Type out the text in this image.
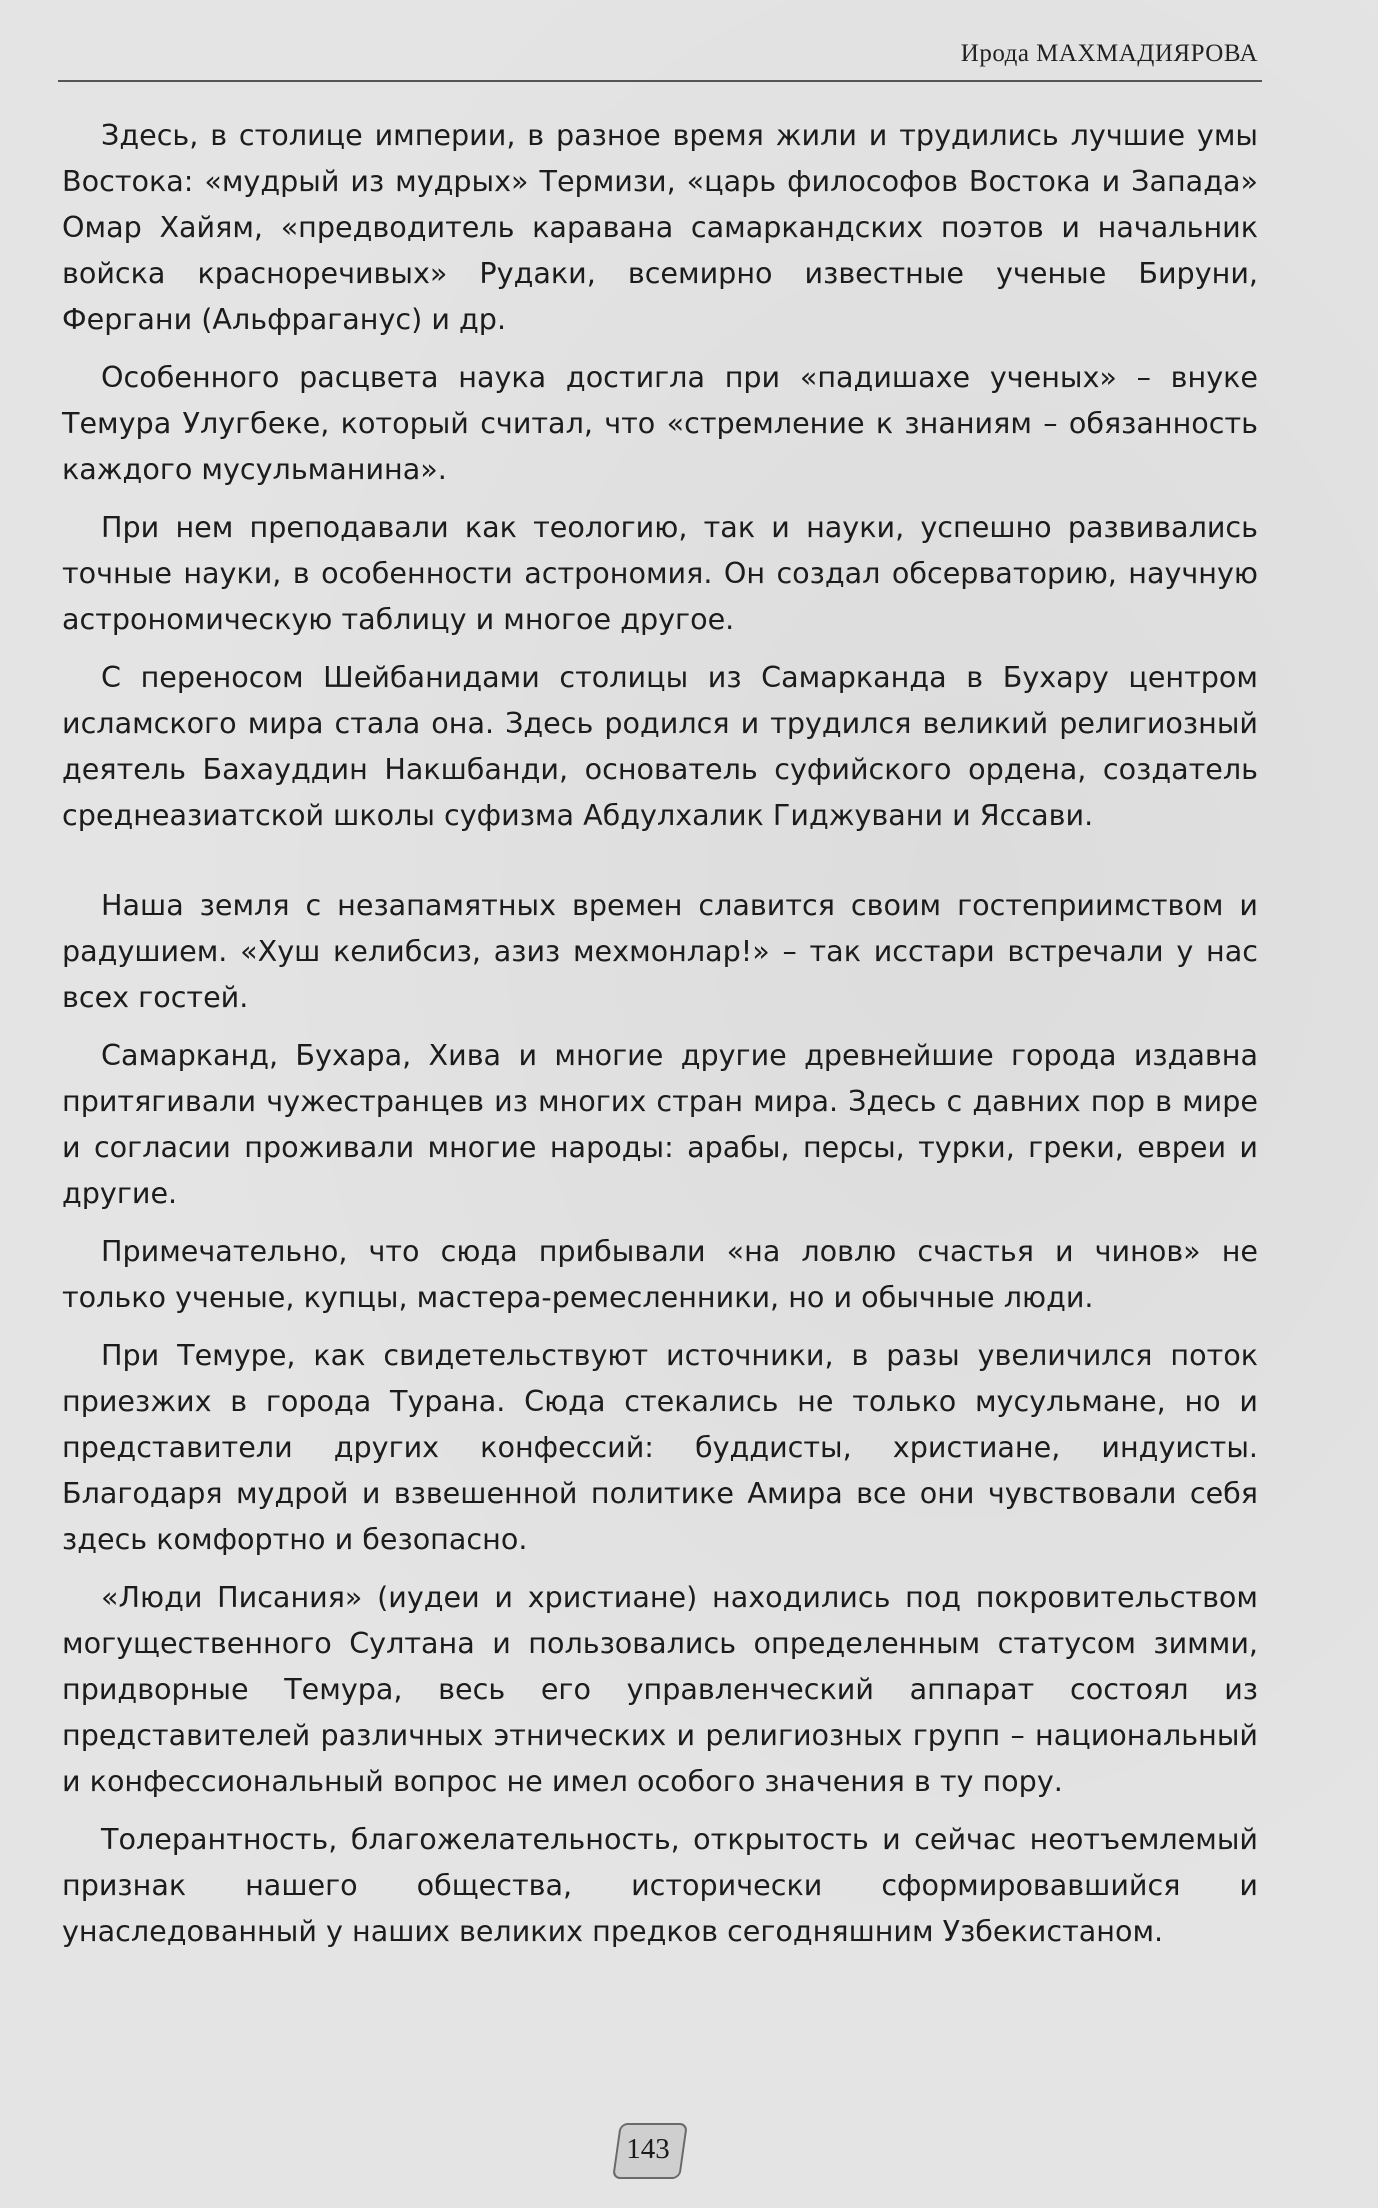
Ирода МАХМАДИЯРОВА

Здесь, в столице империи, в разное время жили и трудились лучшие умы Востока: «мудрый из мудрых» Термизи, «царь философов Востока и Запада» Омар Хайям, «предводитель каравана самаркандских поэтов и начальник войска красноречивых» Рудаки, всемирно известные ученые Бируни, Фергани (Альфраганус) и др.

Особенного расцвета наука достигла при «падишахе ученых» – внуке Темура Улугбеке, который считал, что «стремление к знаниям – обязанность каждого мусульманина».

При нем преподавали как теологию, так и науки, успешно развивались точные науки, в особенности астрономия. Он создал обсерваторию, научную астрономическую таблицу и многое другое.

С переносом Шейбанидами столицы из Самарканда в Бухару центром исламского мира стала она. Здесь родился и трудился великий религиозный деятель Бахауддин Накшбанди, основатель суфийского ордена, создатель среднеазиатской школы суфизма Абдулхалик Гиджувани и Яссави.

Наша земля с незапамятных времен славится своим гостеприимством и радушием. «Хуш келибсиз, азиз мехмонлар!» – так исстари встречали у нас всех гостей.

Самарканд, Бухара, Хива и многие другие древнейшие города издавна притягивали чужестранцев из многих стран мира. Здесь с давних пор в мире и согласии проживали многие народы: арабы, персы, турки, греки, евреи и другие.

Примечательно, что сюда прибывали «на ловлю счастья и чинов» не только ученые, купцы, мастера-ремесленники, но и обычные люди.

При Темуре, как свидетельствуют источники, в разы увеличился поток приезжих в города Турана. Сюда стекались не только мусульмане, но и представители других конфессий: буддисты, христиане, индуисты. Благодаря мудрой и взвешенной политике Амира все они чувствовали себя здесь комфортно и безопасно.

«Люди Писания» (иудеи и христиане) находились под покровительством могущественного Султана и пользовались определенным статусом зимми, придворные Темура, весь его управленческий аппарат состоял из представителей различных этнических и религиозных групп – национальный и конфессиональный вопрос не имел особого значения в ту пору.

Толерантность, благожелательность, открытость и сейчас неотъемлемый признак нашего общества, исторически сформировавшийся и унаследованный у наших великих предков сегодняшним Узбекистаном.

143
